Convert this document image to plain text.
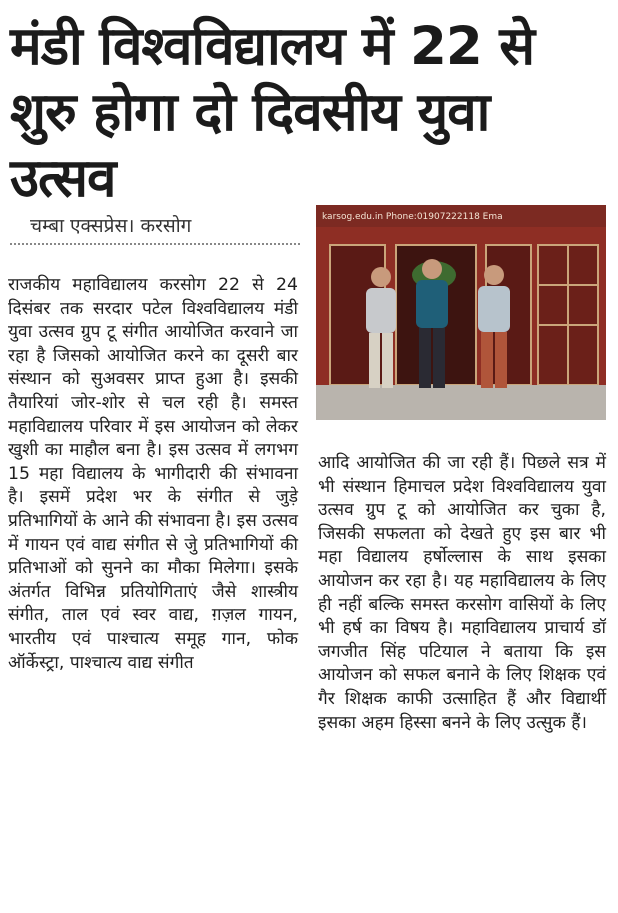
मंडी विश्वविद्यालय में 22 से शुरु होगा दो दिवसीय युवा उत्सव
चम्बा एक्सप्रेस। करसोग
राजकीय महाविद्यालय करसोग 22 से 24 दिसंबर तक सरदार पटेल विश्वविद्यालय मंडी युवा उत्सव ग्रुप टू संगीत आयोजित करवाने जा रहा है जिसको आयोजित करने का दूसरी बार संस्थान को सुअवसर प्राप्त हुआ है। इसकी तैयारियां जोर-शोर से चल रही है। समस्त महाविद्यालय परिवार में इस आयोजन को लेकर खुशी का माहौल बना है। इस उत्सव में लगभग 15 महा विद्यालय के भागीदारी की संभावना है। इसमें प्रदेश भर के संगीत से जुड़े प्रतिभागियों के आने की संभावना है। इस उत्सव में गायन एवं वाद्य संगीत से जुे प्रतिभागियों की प्रतिभाओं को सुनने का मौका मिलेगा। इसके अंतर्गत विभिन्न प्रतियोगिताएं जैसे शास्त्रीय संगीत, ताल एवं स्वर वाद्य, ग़ज़ल गायन, भारतीय एवं पाश्चात्य समूह गान, फोक ऑर्केस्ट्रा, पाश्चात्य वाद्य संगीत
karsog.edu.in Phone:01907222118 Ema
आदि आयोजित की जा रही हैं। पिछले सत्र में भी संस्थान हिमाचल प्रदेश विश्वविद्यालय युवा उत्सव ग्रुप टू को आयोजित कर चुका है, जिसकी सफलता को देखते हुए इस बार भी महा विद्यालय हर्षोल्लास के साथ इसका आयोजन कर रहा है। यह महाविद्यालय के लिए ही नहीं बल्कि समस्त करसोग वासियों के लिए भी हर्ष का विषय है। महाविद्यालय प्राचार्य डॉ जगजीत सिंह पटियाल ने बताया कि इस आयोजन को सफल बनाने के लिए शिक्षक एवं गैर शिक्षक काफी उत्साहित हैं और विद्यार्थी इसका अहम हिस्सा बनने के लिए उत्सुक हैं।
